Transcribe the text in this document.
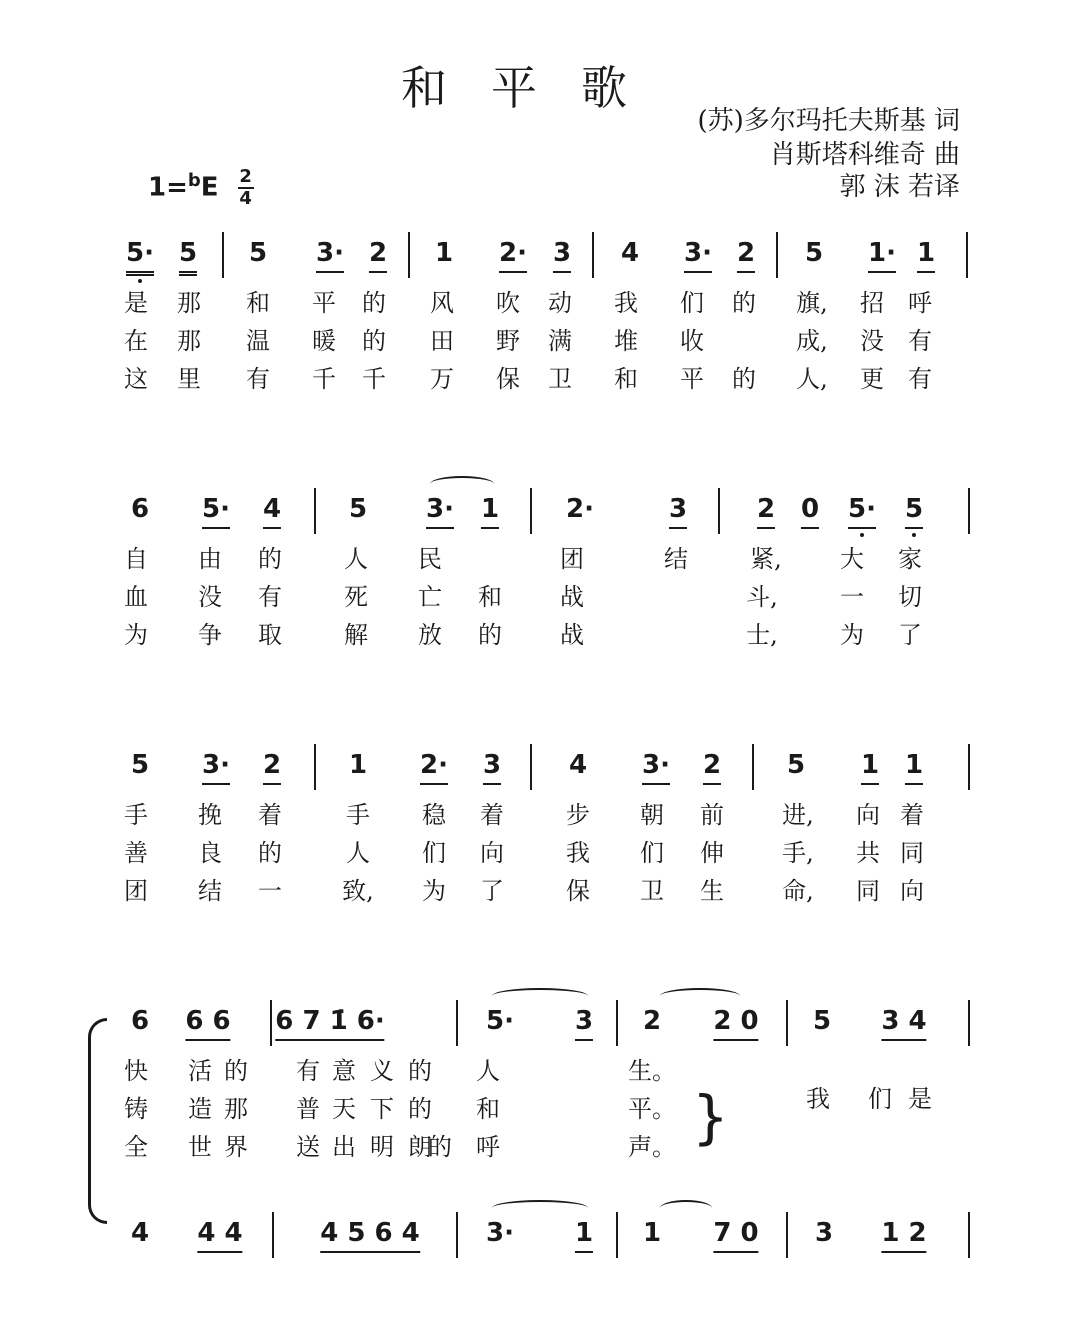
和平歌
(苏)多尔玛托夫斯基 词
肖斯塔科维奇 曲
郭 沫 若译
$1=^bE \frac{2}{4}$
5· 5 5 3· 2 1 2· 3 4 3· 2 5 1· 1
是 那 和 平 的 风 吹 动 我 们 的 旗, 招 呼
在 那 温 暖 的 田 野 满 堆 收	成, 没 有
这 里 有 千 千 万 保 卫 和 平 的 人, 更 有
6 5· 4	5 3· 1	2·	3	2 0 5· 5
自 由 的	人 民	团	结	紧, 大 家
血 没 有	死 亡 和 战	斗,	一 切
为 争 取	解 放 的 战	士,	为 了
5 3· 2	1 2· 3	4 3· 2	5 1 1
手 挽 着	手 稳 着	步 朝 前 进, 向 着
善 良 的	人 们 向	我 们 伸 手, 共 同
团 结 一	致, 为 了	保 卫 生 命, 同 向
6 6 6 6 7 1̇ 6·	5· 3 2 2 0 5 3 4
快 活 的 有 意 义 的 人	生。
铸 造 那 普 天 下 的 和	平。
全 世 界 送 出 明 朗
的 呼	声。
我 们 是
4 4 4	4 5 6 4	3· 1 1 7 0 3 1 2
}
